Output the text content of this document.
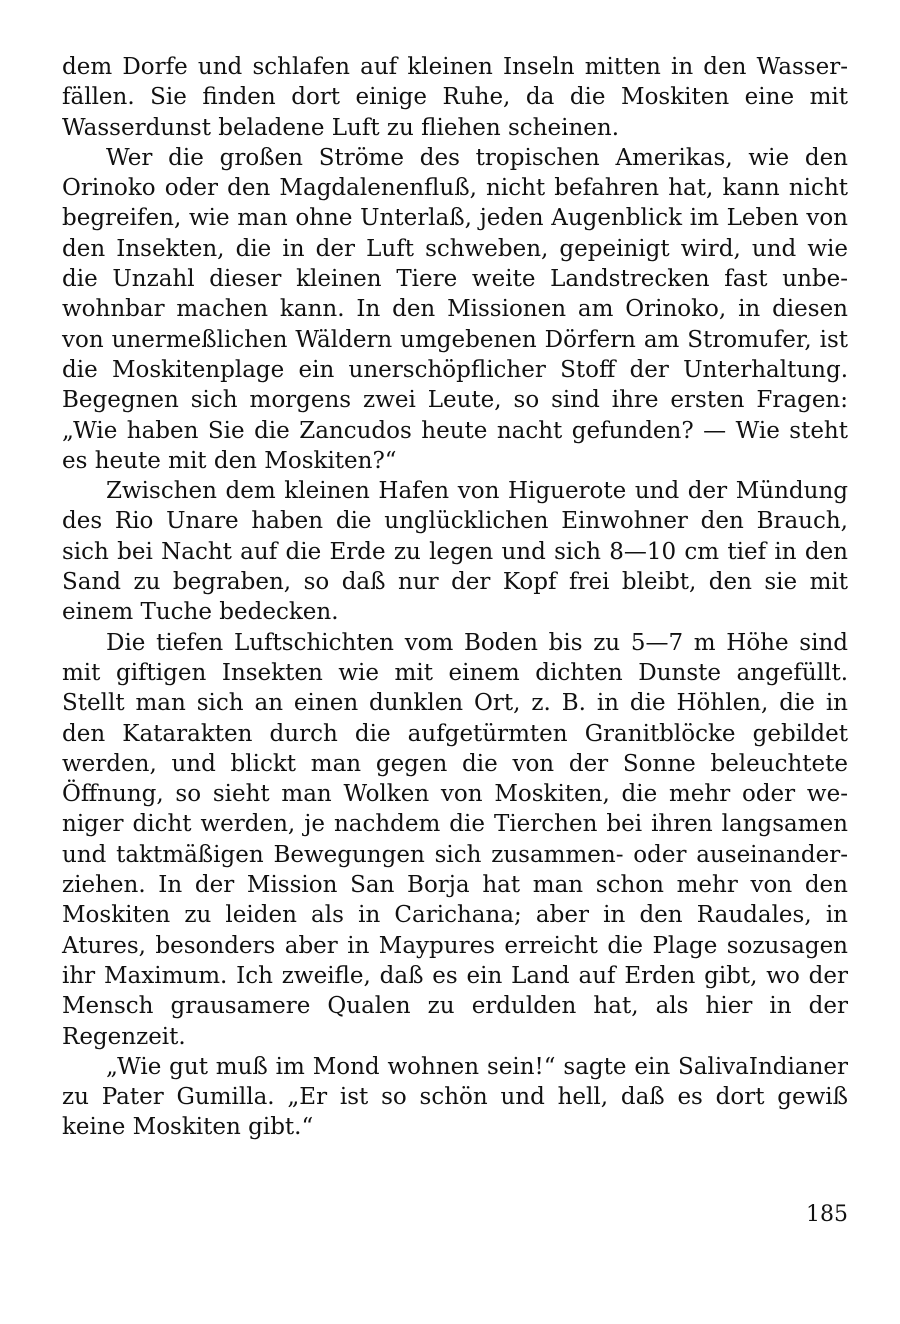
dem Dorfe und schlafen auf kleinen Inseln mitten in den Wasserfällen. Sie finden dort einige Ruhe, da die Moskiten eine mit Wasserdunst beladene Luft zu fliehen scheinen.

Wer die großen Ströme des tropischen Amerikas, wie den Orinoko oder den Magdalenenfluß, nicht befahren hat, kann nicht begreifen, wie man ohne Unterlaß, jeden Augenblick im Leben von den Insekten, die in der Luft schweben, gepeinigt wird, und wie die Unzahl dieser kleinen Tiere weite Landstrecken fast unbewohnbar machen kann. In den Missionen am Orinoko, in diesen von unermeßlichen Wäldern umgebenen Dörfern am Stromufer, ist die Moskitenplage ein unerschöpflicher Stoff der Unterhaltung. Begegnen sich morgens zwei Leute, so sind ihre ersten Fragen: „Wie haben Sie die Zancudos heute nacht gefunden? — Wie steht es heute mit den Moskiten?“

Zwischen dem kleinen Hafen von Higuerote und der Mündung des Rio Unare haben die unglücklichen Einwohner den Brauch, sich bei Nacht auf die Erde zu legen und sich 8—10 cm tief in den Sand zu begraben, so daß nur der Kopf frei bleibt, den sie mit einem Tuche bedecken.

Die tiefen Luftschichten vom Boden bis zu 5—7 m Höhe sind mit giftigen Insekten wie mit einem dichten Dunste angefüllt. Stellt man sich an einen dunklen Ort, z. B. in die Höhlen, die in den Katarakten durch die aufgetürmten Granitblöcke gebildet werden, und blickt man gegen die von der Sonne beleuchtete Öffnung, so sieht man Wolken von Moskiten, die mehr oder weniger dicht werden, je nachdem die Tierchen bei ihren langsamen und taktmäßigen Bewegungen sich zusammen- oder auseinanderziehen. In der Mission San Borja hat man schon mehr von den Moskiten zu leiden als in Carichana; aber in den Raudales, in Atures, besonders aber in Maypures erreicht die Plage sozusagen ihr Maximum. Ich zweifle, daß es ein Land auf Erden gibt, wo der Mensch grausamere Qualen zu erdulden hat, als hier in der Regenzeit.

„Wie gut muß im Mond wohnen sein!“ sagte ein SalivaIndianer zu Pater Gumilla. „Er ist so schön und hell, daß es dort gewiß keine Moskiten gibt.“

185
